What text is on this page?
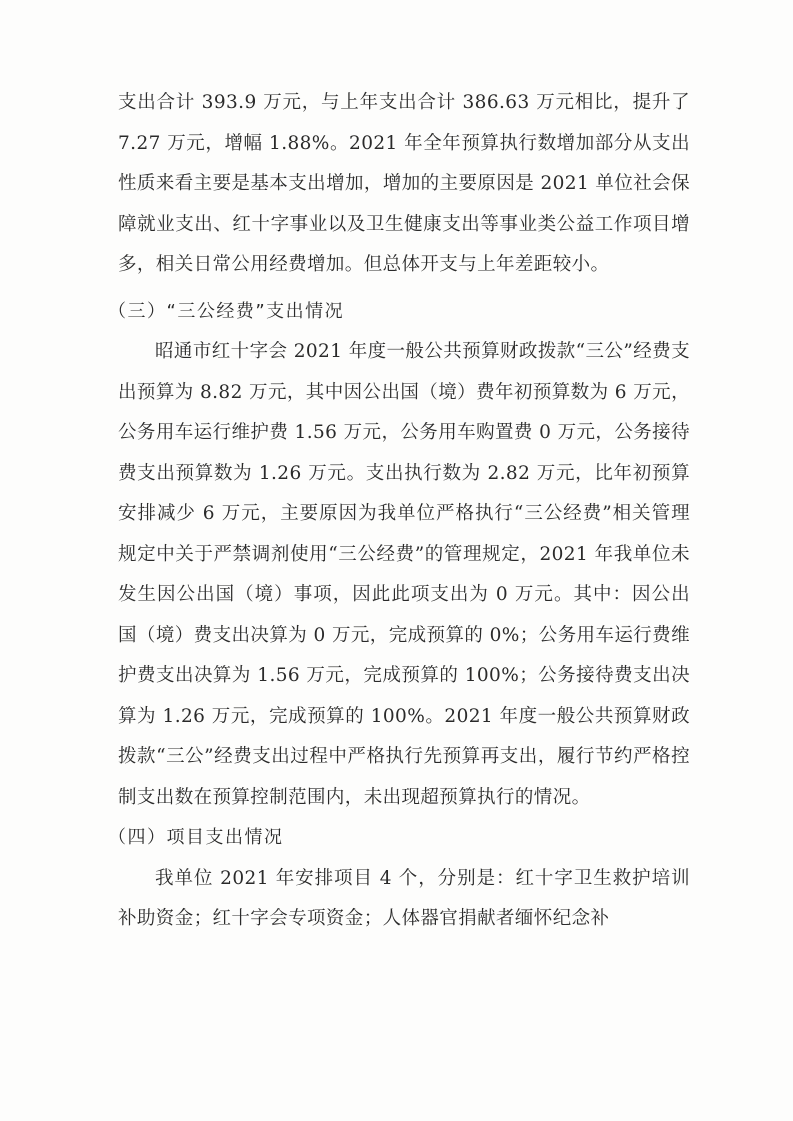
支出合计 393.9 万元，与上年支出合计 386.63 万元相比，提升了 7.27 万元，增幅 1.88%。2021 年全年预算执行数增加部分从支出性质来看主要是基本支出增加，增加的主要原因是 2021 单位社会保障就业支出、红十字事业以及卫生健康支出等事业类公益工作项目增多，相关日常公用经费增加。但总体开支与上年差距较小。

（三）“三公经费”支出情况

昭通市红十字会 2021 年度一般公共预算财政拨款“三公”经费支出预算为 8.82 万元，其中因公出国（境）费年初预算数为 6 万元，公务用车运行维护费 1.56 万元，公务用车购置费 0 万元，公务接待费支出预算数为 1.26 万元。支出执行数为 2.82 万元，比年初预算安排减少 6 万元，主要原因为我单位严格执行“三公经费”相关管理规定中关于严禁调剂使用“三公经费”的管理规定，2021 年我单位未发生因公出国（境）事项，因此此项支出为 0 万元。其中：因公出国（境）费支出决算为 0 万元，完成预算的 0%；公务用车运行费维护费支出决算为 1.56 万元，完成预算的 100%；公务接待费支出决算为 1.26 万元，完成预算的 100%。2021 年度一般公共预算财政拨款“三公”经费支出过程中严格执行先预算再支出，履行节约严格控制支出数在预算控制范围内，未出现超预算执行的情况。

（四）项目支出情况

我单位 2021 年安排项目 4 个，分别是：红十字卫生救护培训补助资金；红十字会专项资金；人体器官捐献者缅怀纪念补
